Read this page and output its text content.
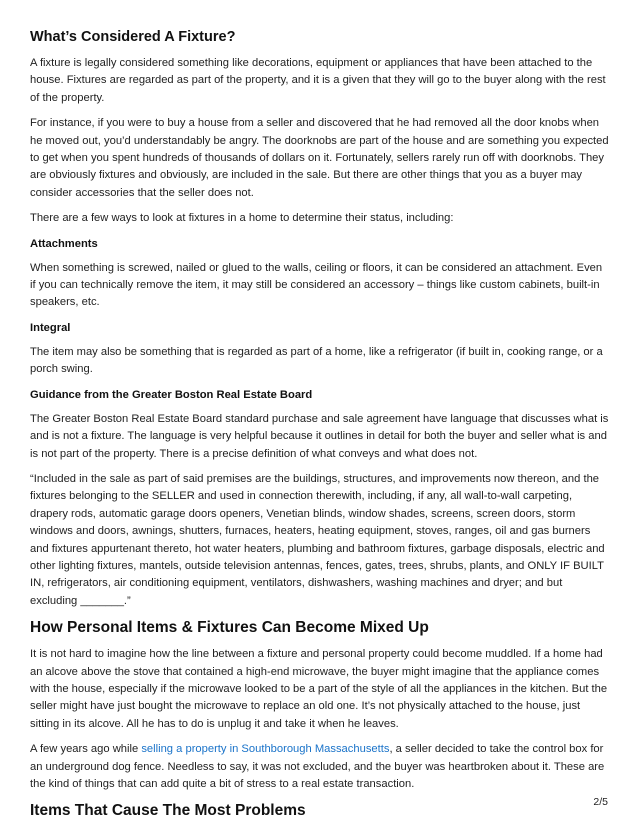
What’s Considered A Fixture?

A fixture is legally considered something like decorations, equipment or appliances that have been attached to the house. Fixtures are regarded as part of the property, and it is a given that they will go to the buyer along with the rest of the property.

For instance, if you were to buy a house from a seller and discovered that he had removed all the door knobs when he moved out, you’d understandably be angry. The doorknobs are part of the house and are something you expected to get when you spent hundreds of thousands of dollars on it. Fortunately, sellers rarely run off with doorknobs. They are obviously fixtures and obviously, are included in the sale. But there are other things that you as a buyer may consider accessories that the seller does not.

There are a few ways to look at fixtures in a home to determine their status, including:

Attachments

When something is screwed, nailed or glued to the walls, ceiling or floors, it can be considered an attachment. Even if you can technically remove the item, it may still be considered an accessory – things like custom cabinets, built-in speakers, etc.

Integral

The item may also be something that is regarded as part of a home, like a refrigerator (if built in, cooking range, or a porch swing.

Guidance from the Greater Boston Real Estate Board

The Greater Boston Real Estate Board standard purchase and sale agreement have language that discusses what is and is not a fixture. The language is very helpful because it outlines in detail for both the buyer and seller what is and is not part of the property. There is a precise definition of what conveys and what does not.

“Included in the sale as part of said premises are the buildings, structures, and improvements now thereon, and the fixtures belonging to the SELLER and used in connection therewith, including, if any, all wall-to-wall carpeting, drapery rods, automatic garage doors openers, Venetian blinds, window shades, screens, screen doors, storm windows and doors, awnings, shutters, furnaces, heaters, heating equipment, stoves, ranges, oil and gas burners and fixtures appurtenant thereto, hot water heaters, plumbing and bathroom fixtures, garbage disposals, electric and other lighting fixtures, mantels, outside television antennas, fences, gates, trees, shrubs, plants, and ONLY IF BUILT IN, refrigerators, air conditioning equipment, ventilators, dishwashers, washing machines and dryer; and but excluding _______.”

How Personal Items & Fixtures Can Become Mixed Up

It is not hard to imagine how the line between a fixture and personal property could become muddled. If a home had an alcove above the stove that contained a high-end microwave, the buyer might imagine that the appliance comes with the house, especially if the microwave looked to be a part of the style of all the appliances in the kitchen. But the seller might have just bought the microwave to replace an old one. It’s not physically attached to the house, just sitting in its alcove. All he has to do is unplug it and take it when he leaves.

A few years ago while selling a property in Southborough Massachusetts, a seller decided to take the control box for an underground dog fence. Needless to say, it was not excluded, and the buyer was heartbroken about it. These are the kind of things that can add quite a bit of stress to a real estate transaction.

Items That Cause The Most Problems
2/5
